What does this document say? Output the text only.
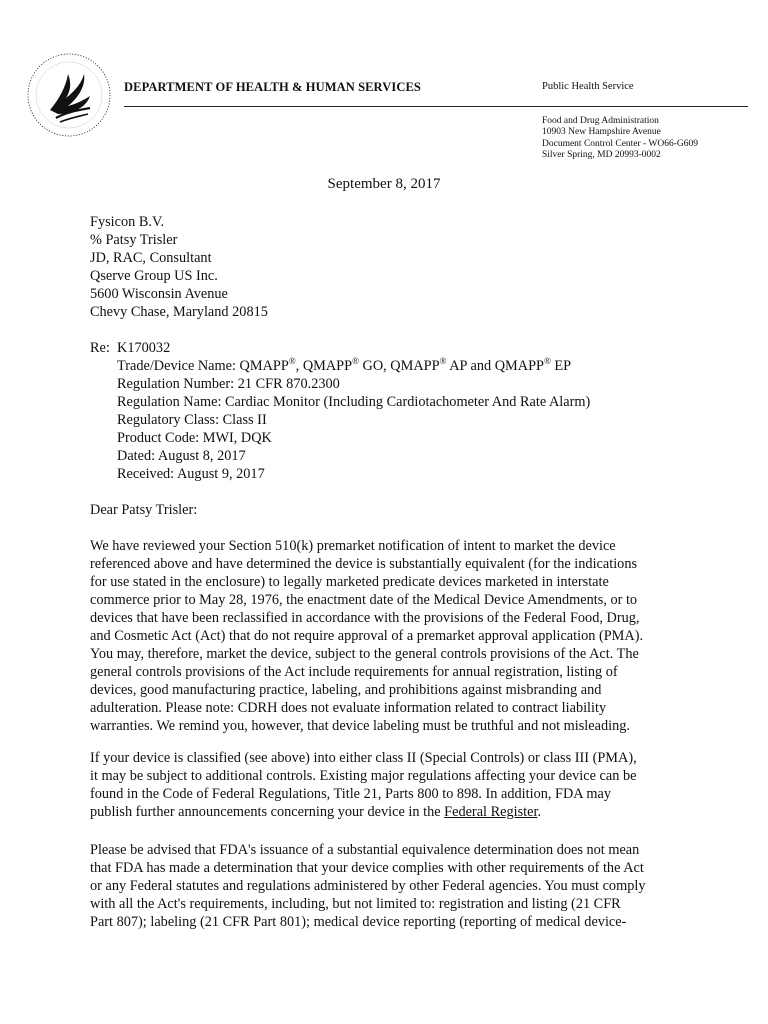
DEPARTMENT OF HEALTH & HUMAN SERVICES	Public Health Service
Food and Drug Administration
10903 New Hampshire Avenue
Document Control Center - WO66-G609
Silver Spring, MD 20993-0002
September 8, 2017
Fysicon B.V.
% Patsy Trisler
JD, RAC, Consultant
Qserve Group US Inc.
5600 Wisconsin Avenue
Chevy Chase, Maryland 20815
Re: K170032
Trade/Device Name: QMAPP®, QMAPP® GO, QMAPP® AP and QMAPP® EP
Regulation Number: 21 CFR 870.2300
Regulation Name: Cardiac Monitor (Including Cardiotachometer And Rate Alarm)
Regulatory Class: Class II
Product Code: MWI, DQK
Dated: August 8, 2017
Received: August 9, 2017
Dear Patsy Trisler:
We have reviewed your Section 510(k) premarket notification of intent to market the device
referenced above and have determined the device is substantially equivalent (for the indications
for use stated in the enclosure) to legally marketed predicate devices marketed in interstate
commerce prior to May 28, 1976, the enactment date of the Medical Device Amendments, or to
devices that have been reclassified in accordance with the provisions of the Federal Food, Drug,
and Cosmetic Act (Act) that do not require approval of a premarket approval application (PMA).
You may, therefore, market the device, subject to the general controls provisions of the Act. The
general controls provisions of the Act include requirements for annual registration, listing of
devices, good manufacturing practice, labeling, and prohibitions against misbranding and
adulteration. Please note: CDRH does not evaluate information related to contract liability
warranties. We remind you, however, that device labeling must be truthful and not misleading.
If your device is classified (see above) into either class II (Special Controls) or class III (PMA),
it may be subject to additional controls. Existing major regulations affecting your device can be
found in the Code of Federal Regulations, Title 21, Parts 800 to 898. In addition, FDA may
publish further announcements concerning your device in the Federal Register.
Please be advised that FDA's issuance of a substantial equivalence determination does not mean
that FDA has made a determination that your device complies with other requirements of the Act
or any Federal statutes and regulations administered by other Federal agencies. You must comply
with all the Act's requirements, including, but not limited to: registration and listing (21 CFR
Part 807); labeling (21 CFR Part 801); medical device reporting (reporting of medical device-
